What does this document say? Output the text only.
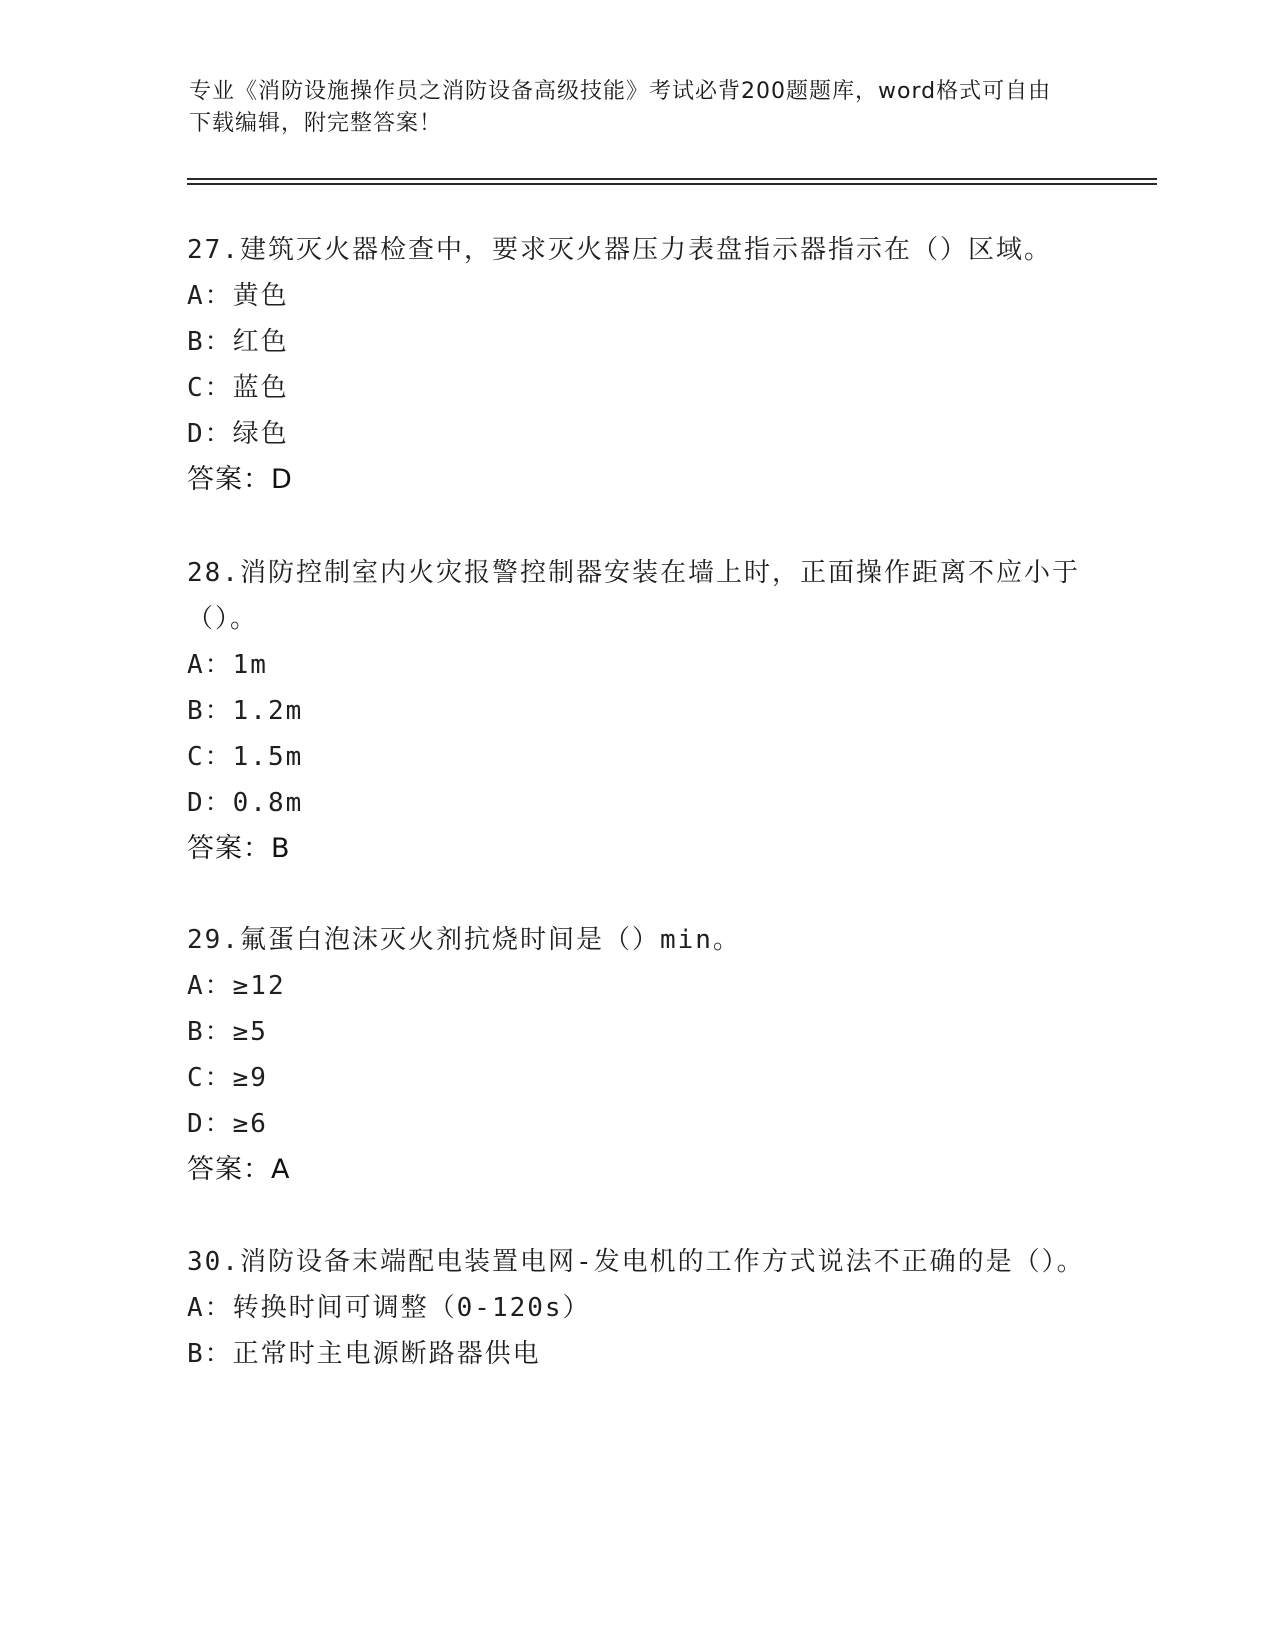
专业《消防设施操作员之消防设备高级技能》考试必背200题题库，word格式可自由下载编辑，附完整答案！
27.建筑灭火器检查中，要求灭火器压力表盘指示器指示在（）区域。
A：黄色
B：红色
C：蓝色
D：绿色
答案：D
28.消防控制室内火灾报警控制器安装在墙上时，正面操作距离不应小于（）。
A：1m
B：1.2m
C：1.5m
D：0.8m
答案：B
29.氟蛋白泡沫灭火剂抗烧时间是（）min。
A：≥12
B：≥5
C：≥9
D：≥6
答案：A
30.消防设备末端配电装置电网-发电机的工作方式说法不正确的是（）。
A：转换时间可调整（0-120s）
B：正常时主电源断路器供电
